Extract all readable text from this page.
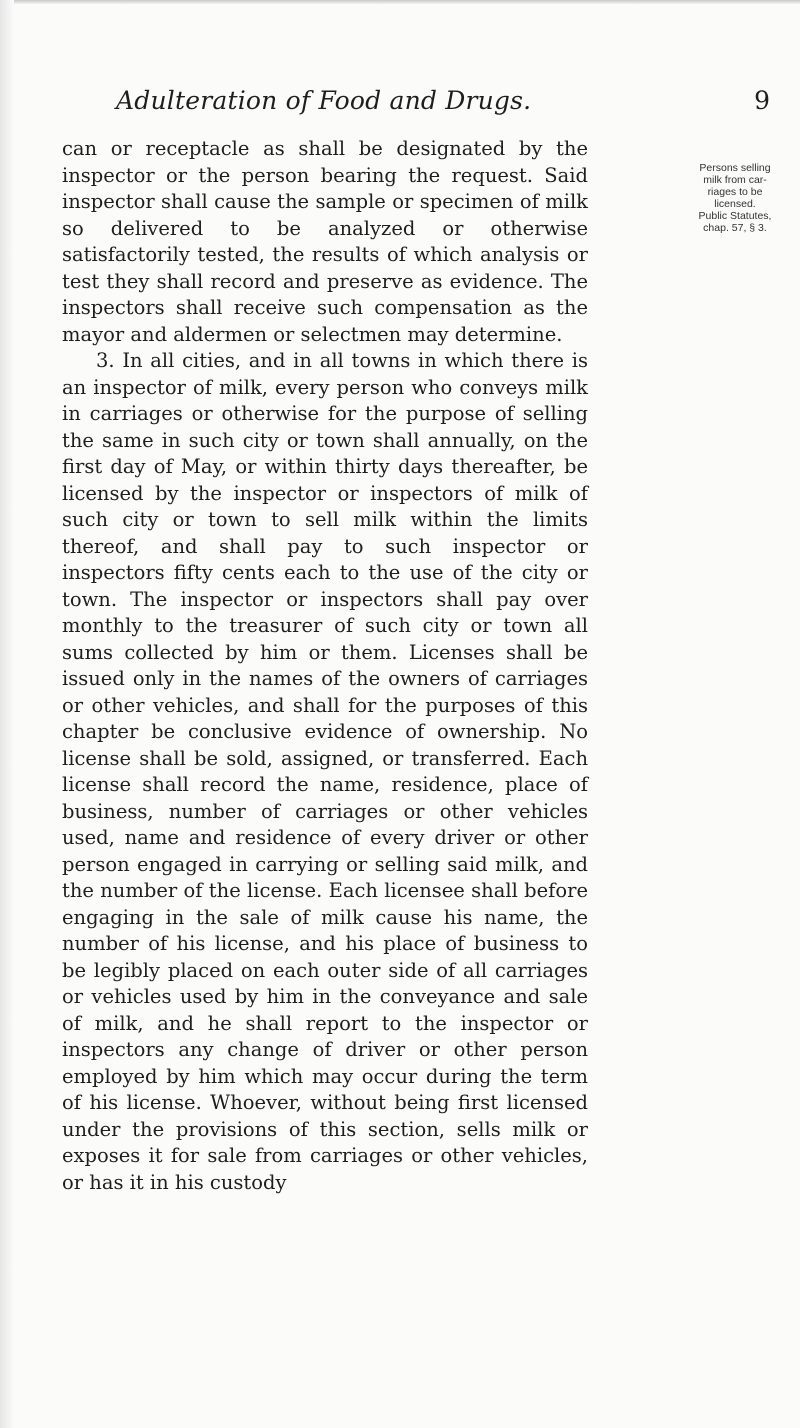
Adulteration of Food and Drugs.	9

can or receptacle as shall be designated by the inspector or the person bearing the request. Said inspector shall cause the sample or specimen of milk so delivered to be analyzed or otherwise satisfactorily tested, the results of which analysis or test they shall record and preserve as evidence. The inspectors shall receive such compensation as the mayor and aldermen or selectmen may determine.

3. In all cities, and in all towns in which there is an inspector of milk, every person who conveys milk in carriages or otherwise for the purpose of selling the same in such city or town shall annually, on the first day of May, or within thirty days thereafter, be licensed by the inspector or inspectors of milk of such city or town to sell milk within the limits thereof, and shall pay to such inspector or inspectors fifty cents each to the use of the city or town. The inspector or inspectors shall pay over monthly to the treasurer of such city or town all sums collected by him or them. Licenses shall be issued only in the names of the owners of carriages or other vehicles, and shall for the purposes of this chapter be conclusive evidence of ownership. No license shall be sold, assigned, or transferred. Each license shall record the name, residence, place of business, number of carriages or other vehicles used, name and residence of every driver or other person engaged in carrying or selling said milk, and the number of the license. Each licensee shall before engaging in the sale of milk cause his name, the number of his license, and his place of business to be legibly placed on each outer side of all carriages or vehicles used by him in the conveyance and sale of milk, and he shall report to the inspector or inspectors any change of driver or other person employed by him which may occur during the term of his license. Whoever, without being first licensed under the provisions of this section, sells milk or exposes it for sale from carriages or other vehicles, or has it in his custody

Persons selling
milk from car-
riages to be
licensed.
Public Statutes,
chap. 57, § 3.
